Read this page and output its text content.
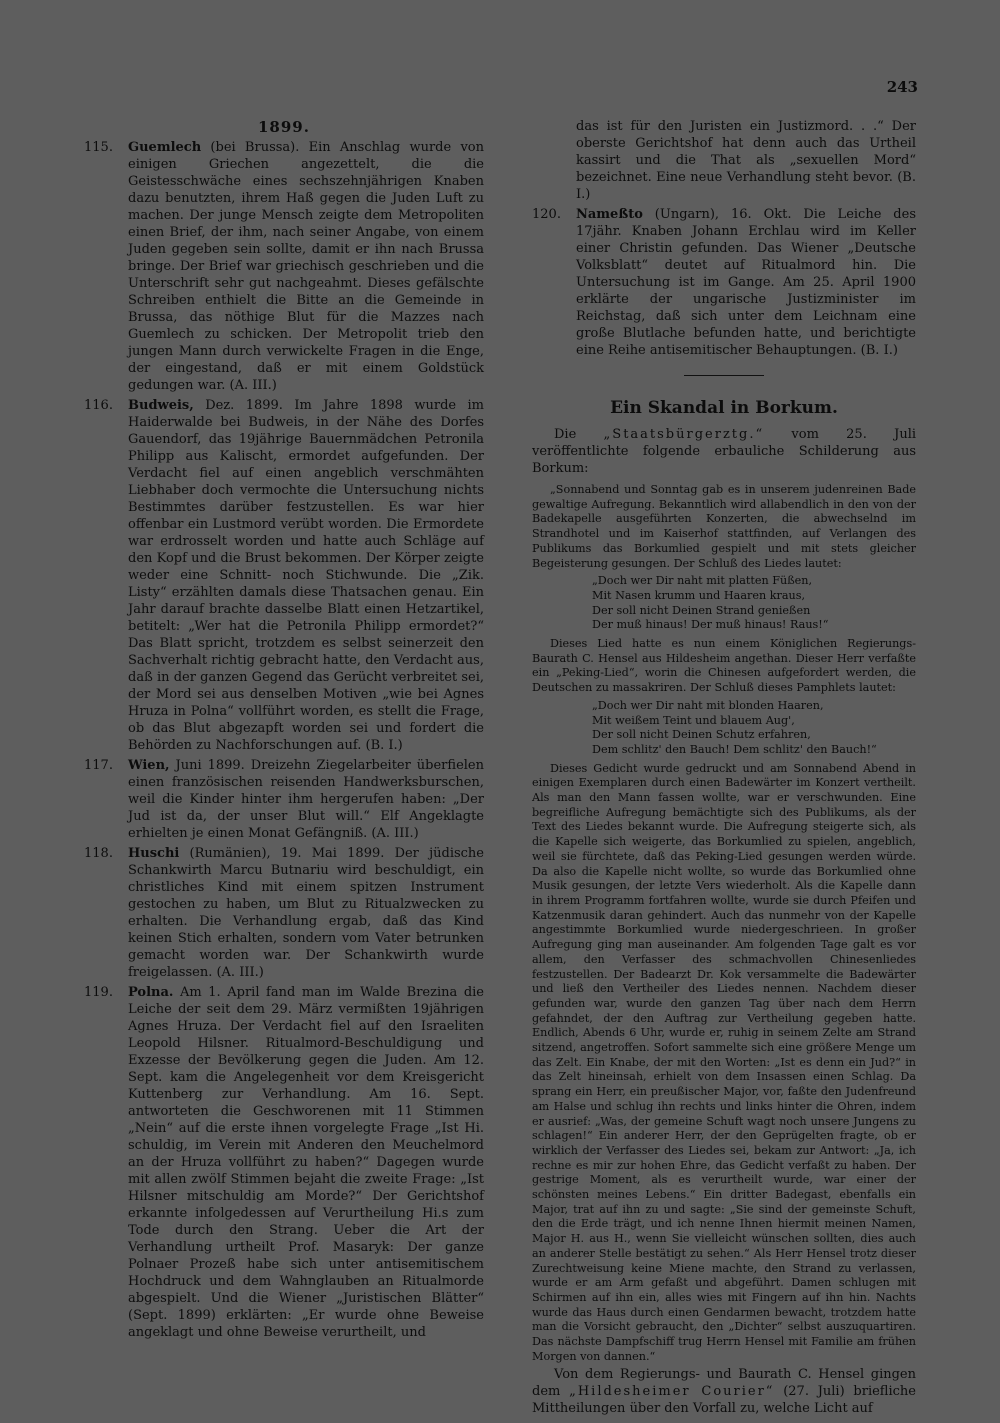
243
1899.
115.	Guemlech (bei Brussa). Ein Anschlag wurde von einigen Griechen angezettelt, die die Geistesschwäche eines sechszehnjährigen Knaben dazu benutzten, ihrem Haß gegen die Juden Luft zu machen. Der junge Mensch zeigte dem Metropoliten einen Brief, der ihm, nach seiner Angabe, von einem Juden gegeben sein sollte, damit er ihn nach Brussa bringe. Der Brief war griechisch geschrieben und die Unterschrift sehr gut nachgeahmt. Dieses gefälschte Schreiben enthielt die Bitte an die Gemeinde in Brussa, das nöthige Blut für die Mazzes nach Guemlech zu schicken. Der Metropolit trieb den jungen Mann durch verwickelte Fragen in die Enge, der eingestand, daß er mit einem Goldstück gedungen war. (A. III.)
116.	Budweis, Dez. 1899. Im Jahre 1898 wurde im Haiderwalde bei Budweis, in der Nähe des Dorfes Gauendorf, das 19jährige Bauernmädchen Petronila Philipp aus Kalischt, ermordet aufgefunden. Der Verdacht fiel auf einen angeblich verschmähten Liebhaber doch vermochte die Untersuchung nichts Bestimmtes darüber festzustellen. Es war hier offenbar ein Lustmord verübt worden. Die Ermordete war erdrosselt worden und hatte auch Schläge auf den Kopf und die Brust bekommen. Der Körper zeigte weder eine Schnitt- noch Stichwunde. Die „Zik. Listy“ erzählten damals diese Thatsachen genau. Ein Jahr darauf brachte dasselbe Blatt einen Hetzartikel, betitelt: „Wer hat die Petronila Philipp ermordet?“ Das Blatt spricht, trotzdem es selbst seinerzeit den Sachverhalt richtig gebracht hatte, den Verdacht aus, daß in der ganzen Gegend das Gerücht verbreitet sei, der Mord sei aus denselben Motiven „wie bei Agnes Hruza in Polna“ vollführt worden, es stellt die Frage, ob das Blut abgezapft worden sei und fordert die Behörden zu Nachforschungen auf. (B. I.)
117.	Wien, Juni 1899. Dreizehn Ziegelarbeiter überfielen einen französischen reisenden Handwerksburschen, weil die Kinder hinter ihm hergerufen haben: „Der Jud ist da, der unser Blut will.“ Elf Angeklagte erhielten je einen Monat Gefängniß. (A. III.)
118.	Huschi (Rumänien), 19. Mai 1899. Der jüdische Schankwirth Marcu Butnariu wird beschuldigt, ein christliches Kind mit einem spitzen Instrument gestochen zu haben, um Blut zu Ritualzwecken zu erhalten. Die Verhandlung ergab, daß das Kind keinen Stich erhalten, sondern vom Vater betrunken gemacht worden war. Der Schankwirth wurde freigelassen. (A. III.)
119.	Polna. Am 1. April fand man im Walde Brezina die Leiche der seit dem 29. März vermißten 19jährigen Agnes Hruza. Der Verdacht fiel auf den Israeliten Leopold Hilsner. Ritualmord-Beschuldigung und Exzesse der Bevölkerung gegen die Juden. Am 12. Sept. kam die Angelegenheit vor dem Kreisgericht Kuttenberg zur Verhandlung. Am 16. Sept. antworteten die Geschworenen mit 11 Stimmen „Nein“ auf die erste ihnen vorgelegte Frage „Ist Hi. schuldig, im Verein mit Anderen den Meuchelmord an der Hruza vollführt zu haben?“ Dagegen wurde mit allen zwölf Stimmen bejaht die zweite Frage: „Ist Hilsner mitschuldig am Morde?“ Der Gerichtshof erkannte infolgedessen auf Verurtheilung Hi.s zum Tode durch den Strang. Ueber die Art der Verhandlung urtheilt Prof. Masaryk: Der ganze Polnaer Prozeß habe sich unter antisemitischem Hochdruck und dem Wahnglauben an Ritualmorde abgespielt. Und die Wiener „Juristischen Blätter“ (Sept. 1899) erklärten: „Er wurde ohne Beweise angeklagt und ohne Beweise verurtheilt, und
das ist für den Juristen ein Justizmord. . .“ Der oberste Gerichtshof hat denn auch das Urtheil kassirt und die That als „sexuellen Mord“ bezeichnet. Eine neue Verhandlung steht bevor. (B. I.)
120.	Nameßto (Ungarn), 16. Okt. Die Leiche des 17jähr. Knaben Johann Erchlau wird im Keller einer Christin gefunden. Das Wiener „Deutsche Volksblatt“ deutet auf Ritualmord hin. Die Untersuchung ist im Gange. Am 25. April 1900 erklärte der ungarische Justizminister im Reichstag, daß sich unter dem Leichnam eine große Blutlache befunden hatte, und berichtigte eine Reihe antisemitischer Behauptungen. (B. I.)
Ein Skandal in Borkum.

Die „Staatsbürgerztg.“ vom 25. Juli veröffentlichte folgende erbauliche Schilderung aus Borkum:

„Sonnabend und Sonntag gab es in unserem judenreinen Bade gewaltige Aufregung. Bekanntlich wird allabendlich in den von der Badekapelle ausgeführten Konzerten, die abwechselnd im Strandhotel und im Kaiserhof stattfinden, auf Verlangen des Publikums das Borkumlied gespielt und mit stets gleicher Begeisterung gesungen. Der Schluß des Liedes lautet:

„Doch wer Dir naht mit platten Füßen,
Mit Nasen krumm und Haaren kraus,
Der soll nicht Deinen Strand genießen
Der muß hinaus! Der muß hinaus! Raus!“

Dieses Lied hatte es nun einem Königlichen Regierungs-Baurath C. Hensel aus Hildesheim angethan. Dieser Herr verfaßte ein „Peking-Lied“, worin die Chinesen aufgefordert werden, die Deutschen zu massakriren. Der Schluß dieses Pamphlets lautet:

„Doch wer Dir naht mit blonden Haaren,
Mit weißem Teint und blauem Aug',
Der soll nicht Deinen Schutz erfahren,
Dem schlitz' den Bauch! Dem schlitz' den Bauch!“

Dieses Gedicht wurde gedruckt und am Sonnabend Abend in einigen Exemplaren durch einen Badewärter im Konzert vertheilt. Als man den Mann fassen wollte, war er verschwunden. Eine begreifliche Aufregung bemächtigte sich des Publikums, als der Text des Liedes bekannt wurde. Die Aufregung steigerte sich, als die Kapelle sich weigerte, das Borkumlied zu spielen, angeblich, weil sie fürchtete, daß das Peking-Lied gesungen werden würde. Da also die Kapelle nicht wollte, so wurde das Borkumlied ohne Musik gesungen, der letzte Vers wiederholt. Als die Kapelle dann in ihrem Programm fortfahren wollte, wurde sie durch Pfeifen und Katzenmusik daran gehindert. Auch das nunmehr von der Kapelle angestimmte Borkumlied wurde niedergeschrieen. In großer Aufregung ging man auseinander. Am folgenden Tage galt es vor allem, den Verfasser des schmachvollen Chinesenliedes festzustellen. Der Badearzt Dr. Kok versammelte die Badewärter und ließ den Vertheiler des Liedes nennen. Nachdem dieser gefunden war, wurde den ganzen Tag über nach dem Herrn gefahndet, der den Auftrag zur Vertheilung gegeben hatte. Endlich, Abends 6 Uhr, wurde er, ruhig in seinem Zelte am Strand sitzend, angetroffen. Sofort sammelte sich eine größere Menge um das Zelt. Ein Knabe, der mit den Worten: „Ist es denn ein Jud?“ in das Zelt hineinsah, erhielt von dem Insassen einen Schlag. Da sprang ein Herr, ein preußischer Major, vor, faßte den Judenfreund am Halse und schlug ihn rechts und links hinter die Ohren, indem er ausrief: „Was, der gemeine Schuft wagt noch unsere Jungens zu schlagen!“ Ein anderer Herr, der den Geprügelten fragte, ob er wirklich der Verfasser des Liedes sei, bekam zur Antwort: „Ja, ich rechne es mir zur hohen Ehre, das Gedicht verfaßt zu haben. Der gestrige Moment, als es verurtheilt wurde, war einer der schönsten meines Lebens.“ Ein dritter Badegast, ebenfalls ein Major, trat auf ihn zu und sagte: „Sie sind der gemeinste Schuft, den die Erde trägt, und ich nenne Ihnen hiermit meinen Namen, Major H. aus H., wenn Sie vielleicht wünschen sollten, dies auch an anderer Stelle bestätigt zu sehen.“ Als Herr Hensel trotz dieser Zurechtweisung keine Miene machte, den Strand zu verlassen, wurde er am Arm gefaßt und abgeführt. Damen schlugen mit Schirmen auf ihn ein, alles wies mit Fingern auf ihn hin. Nachts wurde das Haus durch einen Gendarmen bewacht, trotzdem hatte man die Vorsicht gebraucht, den „Dichter“ selbst auszuquartiren. Das nächste Dampfschiff trug Herrn Hensel mit Familie am frühen Morgen von dannen.“

Von dem Regierungs- und Baurath C. Hensel gingen dem „Hildesheimer Courier“ (27. Juli) briefliche Mittheilungen über den Vorfall zu, welche Licht auf
